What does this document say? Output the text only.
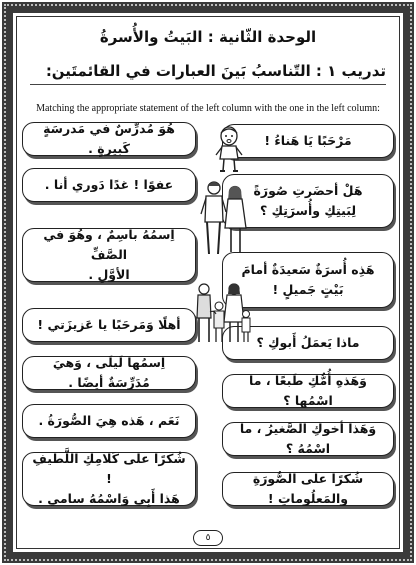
الوحدة الثّانية : البَيتُ والأُسرةُ
تدريب ١ : التّناسبُ بَينَ العبارات في القائمتَين:
Matching the appropriate statement of the left column with the one in the left column:
هُوَ مُدرِّسٌ في مَدرسَةٍ كَبيرةٍ .
عفوًا ! غدًا دَوري أنا .
اِسمُهُ باسِمٌ ، وهُوَ في الصَّفِّ
الأوَّلِ .
أهلًا وَمَرحَبًا يا عَزيزَتي !
اِسمُها لَيلَى ، وَهيَ مُدَرِّسَةٌ أيضًا .
نَعَم ، هَذه هِيَ الصُّورَةُ .
شُكرًا على كَلامِكِ اللَّطيفِ !
هَذا أَبِي وَاسْمُهُ سامي .
مَرْحَبًا يَا هَناءُ !
هَلْ أحضَرتِ صُورَةً
لِبَيتِكِ وأُسرَتِكِ ؟
هَذِه أُسرَةٌ سَعيدَةٌ أمامَ
بَيْتٍ جَميلٍ !
ماذا يَعمَلُ أَبوكِ ؟
وَهَذهِ أُمُّكِ طَبعًا ، ما اسْمُها ؟
وَهَذا أخوكِ الصَّغيرُ ، ما اسْمُهُ ؟
شُكرًا على الصُّورَةِ والمَعلُوماتِ !
٥
